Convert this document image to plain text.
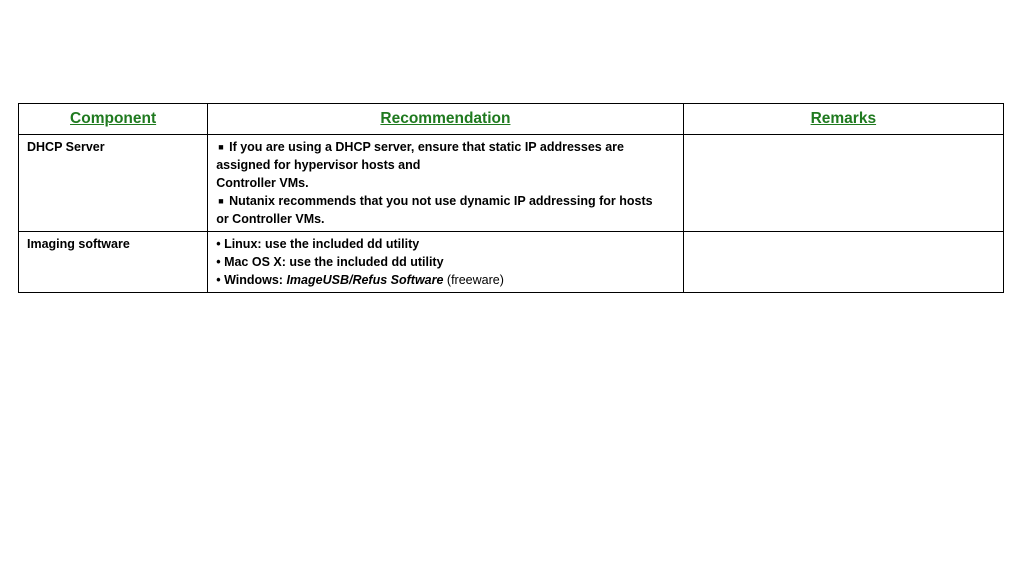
Component	Recommendation	Remarks
DHCP Server	■ If you are using a DHCP server, ensure that static IP addresses are
assigned for hypervisor hosts and
Controller VMs.
■ Nutanix recommends that you not use dynamic IP addressing for hosts
or Controller VMs.	

Imaging software	• Linux: use the included dd utility
• Mac OS X: use the included dd utility
• Windows: ImageUSB/Refus Software (freeware)	
